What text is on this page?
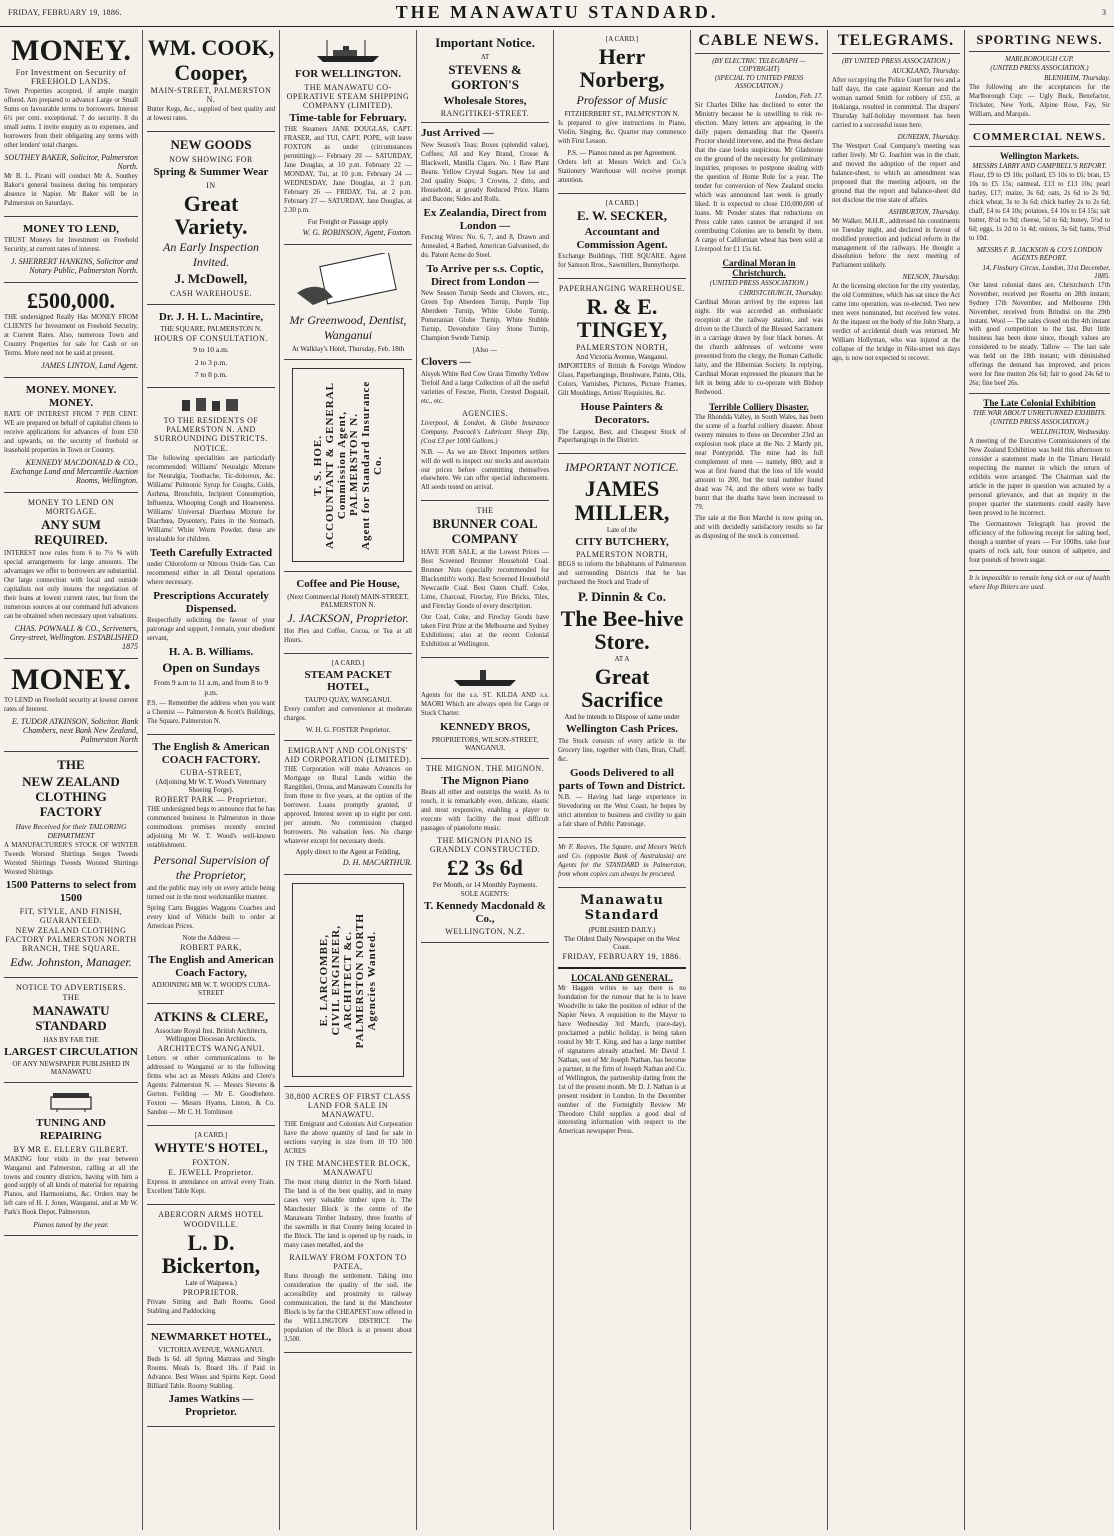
FRIDAY, FEBRUARY 19, 1886.	THE MANAWATU STANDARD.	3
MONEY.
For Investment on Security of FREEHOLD LANDS.
Town Properties accepted, if ample margin offered. Am prepared to advance Large or Small Sums on favourable terms to borrowers. Interest 6½ per cent. exceptional. 7 do security. 8 do small sums. I invite enquiry as to expenses, and borrowers from their obligating any terms with other lenders' total charges.
SOUTHEY BAKER, Solicitor, Palmerston North.
Mr B. L. Pirani will conduct Mr A. Southey Baker's general business during his temporary absence in Napier. Mr Baker will be in Palmerston on Saturdays.
MONEY TO LEND,
TRUST Moneys for Investment on Freehold Security, at current rates of interest.
J. SHERRERT HANKINS, Solicitor and Notary Public, Palmerston North.
£500,000.
THE undersigned Really Has MONEY FROM CLIENTS for Investment on Freehold Security, at Current Rates. Also, numerous Town and Country Properties for sale for Cash or on Terms. More need not be said at present.
JAMES LINTON, Land Agent.
MONEY. MONEY. MONEY.
RATE OF INTEREST FROM 7 PER CENT. WE are prepared on behalf of capitalist clients to receive applications for advances of from £50 and upwards, on the security of freehold or leasehold properties in Town or Country.
KENNEDY MACDONALD & CO., Exchange Land and Mercantile Auction Rooms, Wellington.
MONEY TO LEND ON MORTGAGE.
ANY SUM REQUIRED.
INTEREST now rules from 6 to 7½ % with special arrangements for large amounts. The advantages we offer to borrowers are substantial. Our large connection with local and outside capitalists not only insures the negotiation of their loans at lowest current rates, but from the numerous sources at our command full advances can be obtained when necessary upon valuations.
CHAS. POWNALL & CO., Scriveners, Grey-street, Wellington. ESTABLISHED 1875
MONEY.
TO LEND on Freehold security at lowest current rates of Interest.
E. TUDOR ATKINSON, Solicitor. Bank Chambers, next Bank New Zealand, Palmerston North
THE
NEW ZEALAND CLOTHING FACTORY
Have Received for their TAILORING DEPARTMENT
A MANUFACTURER'S STOCK OF WINTER Tweeds Worsted Shirtings Serges Tweeds Worsted Shirtings Tweeds Worsted Shirtings Worsted Shirtings
1500 Patterns to select from 1500
FIT, STYLE, AND FINISH, GUARANTEED.
NEW ZEALAND CLOTHING FACTORY PALMERSTON NORTH BRANCH, THE SQUARE.
Edw. Johnston, Manager.
NOTICE TO ADVERTISERS.
THE
MANAWATU STANDARD
HAS BY FAR THE
LARGEST CIRCULATION
OF ANY NEWSPAPER PUBLISHED IN MANAWATU
TUNING AND REPAIRING
BY MR E. ELLERY GILBERT.
MAKING four visits in the year between Wanganui and Palmerston, calling at all the towns and country districts, having with him a good supply of all kinds of material for repairing Pianos, and Harmoniums, &c. Orders may be left care of H. J. Jones, Wanganui, and at Mr W. Park's Book Depot, Palmerston.
Pianos tuned by the year.
WM. COOK,
Cooper,
MAIN-STREET, PALMERSTON N.
Butter Kegs, &c., supplied of best quality and at lowest rates.
NEW GOODS
NOW SHOWING FOR
Spring & Summer Wear
IN
Great Variety.
An Early Inspection Invited.
J. McDowell,
CASH WAREHOUSE.
Dr. J. H. L. Macintire,
THE SQUARE, PALMERSTON N.
HOURS OF CONSULTATION.
9 to 10 a.m.
2 to 3 p.m.
7 to 8 p.m.
TO THE RESIDENTS OF PALMERSTON N. AND SURROUNDING DISTRICTS.
NOTICE.
The following specialities are particularly recommended: Williams' Neuralgic Mixture for Neuralgia, Toothache, Tic-doloreux, &c. Williams' Pulmonic Syrup for Coughs, Colds, Asthma, Bronchitis, Incipient Consumption, Influenza, Whooping Cough and Hoarseness. Williams' Universal Diarrhœa Mixture for Diarrhœa, Dysentery, Pains in the Stomach. Williams' White Worm Powder, these are invaluable for children.
Teeth Carefully Extracted
under Chloroform or Nitrous Oxide Gas. Can recommend either in all Dental operations where necessary.
Prescriptions Accurately Dispensed.
Respectfully soliciting the favour of your patronage and support, I remain, your obedient servant,
H. A. B. Williams.
Open on Sundays
From 9 a.m to 11 a.m, and from 8 to 9 p.m.
P.S. — Remember the address when you want a Chemist — Palmerston & Scott's Buildings, The Square, Palmerston N.
The English & American COACH FACTORY.
CUBA-STREET,
(Adjoining Mr W. T. Wood's Veterinary Shoeing Forge).
ROBERT PARK — Proprietor.
THE undersigned begs to announce that he has commenced business in Palmerston in those commodious premises recently erected adjoining Mr W. T. Wood's well-known establishment.
Personal Supervision of the Proprietor,
and the public may rely on every article being turned out in the most workmanlike manner.
Spring Carts Buggies Waggons Coaches and every kind of Vehicle built to order at American Prices.
Note the Address —
ROBERT PARK,
The English and American Coach Factory,
ADJOINING MR W. T. WOOD'S CUBA-STREET
ATKINS & CLERE,
Associate Royal Inst. British Architects, Wellington Diocesan Architects.
ARCHITECTS WANGANUI.
Letters or other communications to be addressed to Wanganui or to the following firms who act as Messrs Atkins and Clere's Agents: Palmerston N. — Messrs Stevens & Gorton. Feilding — Mr E. Goodbehere. Foxton — Messrs Hyams, Linton, & Co. Sandon — Mr C. H. Tomlinson
[A CARD.]
WHYTE'S HOTEL,
FOXTON.
E. JEWELL Proprietor.
Express in attendance on arrival every Train. Excellent Table Kept.
ABERCORN ARMS HOTEL
WOODVILLE.
L. D. Bickerton,
Late of Waipawa.)
PROPRIETOR.
Private Sitting and Bath Rooms. Good Stabling and Paddocking.
NEWMARKET HOTEL,
VICTORIA AVENUE, WANGANUI.
Beds Is 6d. all Spring Mattrass and Single Rooms. Meals Is. Board 18s. if Paid in Advance. Best Wines and Spirits Kept. Good Billiard Table. Roomy Stabling.
James Watkins — Proprietor.
FOR WELLINGTON.
THE MANAWATU CO-OPERATIVE STEAM SHIPPING COMPANY (LIMITED).
Time-table for February.
THE Steamers JANE DOUGLAS, CAPT. FRASER, and TUI, CAPT. POPE, will leave FOXTON as under (circumstances permitting):— February 20 — SATURDAY, Jane Douglas, at 10 p.m. February 22 — MONDAY, Tui, at 10 p.m. February 24 — WEDNESDAY, Jane Douglas, at 2 p.m. February 26 — FRIDAY, Tui, at 2 p.m. February 27 — SATURDAY, Jane Douglas, at 2.30 p.m.
For Freight or Passage apply
W. G. ROBINSON, Agent, Foxton.
Mr Greenwood, Dentist, Wanganui
At Walklay's Hotel, Thursday, Feb. 18th
T. S. HOE. ACCOUNTANT & GENERAL Commission Agent, PALMERSTON N. Agent for Standard Insurance Co.
Coffee and Pie House,
(Next Commercial Hotel) MAIN-STREET, PALMERSTON N.
J. JACKSON, Proprietor.
Hot Pies and Coffee, Cocoa, or Tea at all Hours.
[A CARD.]
STEAM PACKET HOTEL,
TAUPO QUAY, WANGANUI.
Every comfort and convenience at moderate charges.
W. H. G. FOSTER Proprietor.
EMIGRANT AND COLONISTS' AID CORPORATION (LIMITED).
THE Corporation will make Advances on Mortgage on Rural Lands within the Rangitikei, Oroua, and Manawatu Councils for from three to five years, at the option of the borrower. Loans promptly granted, if approved. Interest seven up to eight per cent. per annum. No commission charged borrowers. No valuation fees. No charge whatever except for necessary deeds.
Apply direct to the Agent at Feilding,
D. H. MACARTHUR.
E. LARCOMBE, CIVIL ENGINEER, ARCHITECT &c. PALMERSTON NORTH Agencies Wanted.
38,800 ACRES OF FIRST CLASS LAND FOR SALE IN MANAWATU.
THE Emigrant and Colonists Aid Corporation have the above quantity of land for sale in sections varying in size from 10 TO 500 ACRES
IN THE MANCHESTER BLOCK, MANAWATU
The most rising district in the North Island. The land is of the best quality, and in many cases very valuable timber upon it. The Manchester Block is the centre of the Manawatu Timber Industry, three fourths of the sawmills in that County being located in the Block. The land is opened up by roads, in many cases metalled, and the
RAILWAY FROM FOXTON TO PATEA,
Runs through the settlement. Taking into consideration the quality of the soil, the accessibility and proximity to railway communication, the land in the Manchester Block is by far the CHEAPEST now offered in the WELLINGTON DISTRICT. The population of the Block is at present about 3,500.
Important Notice.
AT
STEVENS & GORTON'S
Wholesale Stores,
RANGITIKEI-STREET.
Just Arrived —
New Season's Teas; Boxes (splendid value), Coffees; All and Key Brand, Crosse & Blackwell, Manilla Cigars. No. 1 Raw Plant Beans. Yellow Crystal Sugars. New 1st and 2nd quality Soaps; 3 Crowns, 2 ditto, and Household, at greatly Reduced Price. Hams and Bacons; Sides and Rolls.
Ex Zealandia, Direct from London —
Fencing Wires: No. 6, 7, and 8, Drawn and Annealed, 4 Barbed, American Galvanised, do do. Patent Acme do Steel.
To Arrive per s.s. Coptic, Direct from London —
New Season Turnip Seeds and Clovers, etc., Green Top Aberdeen Turnip, Purple Top Aberdeen Turnip, White Globe Turnip, Pomeranian Globe Turnip, White Stubble Turnip, Devonshire Grey Stone Turnip, Champion Swede Turnip.
[Also —
Clovers —
Alsyek White Red Cow Grass Timothy Yellow Trefoil And a large Collection of all the useful varieties of Fescue, Florin, Crested Dogstail, etc., etc.
AGENCIES.
Liverpool, & London, & Globe Insurance Company. Peacock's Lubricant Sheep Dip, (Cost £3 per 1000 Gallons.)
N.B. — As we are Direct Importers settlers will do well to inspect our stocks and ascertain our prices before committing themselves elsewhere. We can offer special inducements. All seeds tested on arrival.
THE
BRUNNER COAL COMPANY
HAVE FOR SALE, at the Lowest Prices — Best Screened Brunner Household Coal. Brunner Nuts (specially recommended for Blacksmith's work). Best Screened Household Newcastle Coal. Best Oaten Chaff. Coke, Lime, Charcoal, Fireclay, Fire Bricks, Tiles, and Fireclay Goods of every description.
Our Coal, Coke, and Fireclay Goods have taken First Prize at the Melbourne and Sydney Exhibitions; also at the recent Colonial Exhibition at Wellington.
Agents for the s.s. ST. KILDA AND s.s. MAORI Which are always open for Cargo or Stock Charter.
KENNEDY BROS,
PROPRIETORS, WILSON-STREET, WANGANUI.
THE MIGNON. THE MIGNON.
The Mignon Piano
Beats all other and outstrips the world. As to touch, it is remarkably even, delicate, elastic and most responsive, enabling a player to execute with facility the most difficult passages of pianoforte music.
THE MIGNON PIANO IS GRANDLY CONSTRUCTED.
£2 3s 6d
Per Month, or 14 Monthly Payments.
SOLE AGENTS:
T. Kennedy Macdonald & Co.,
WELLINGTON, N.Z.
[A CARD.]
Herr Norberg,
Professor of Music
FITZHERBERT ST., PALM'R'S'TON N.
Is prepared to give instructions in Piano, Violin, Singing, &c. Quarter may commence with First Lesson.
P.S. — Pianos tuned as per Agreement.
Orders left at Messrs Welch and Co.'s Stationery Warehouse will receive prompt attention.
[A CARD.]
E. W. SECKER,
Accountant and Commission Agent.
Exchange Buildings, THE SQUARE. Agent for Samson Bros., Sawmillers, Bunnythorpe.
PAPERHANGING WAREHOUSE.
R. & E. TINGEY,
PALMERSTON NORTH,
And Victoria Avenue, Wanganui.
IMPORTERS of British & Foreign Window Glass, Paperhangings, Brushware, Paints, Oils, Colors, Varnishes, Pictures, Picture Frames, Gilt Mouldings, Artists' Requisites, &c.
House Painters & Decorators.
The Largest, Best, and Cheapest Stock of Paperhangings in the District.
IMPORTANT NOTICE.
JAMES MILLER,
Late of the
CITY BUTCHERY,
PALMERSTON NORTH,
BEGS to inform the Inhabitants of Palmerston and surrounding Districts that he has purchased the Stock and Trade of
P. Dinnin & Co.
The Bee-hive Store.
AT A
Great Sacrifice
And he intends to Dispose of same under
Wellington Cash Prices.
The Stock consists of every article in the Grocery line, together with Oats, Bran, Chaff, &c.
Goods Delivered to all parts of Town and District.
N.B. — Having had large experience in Stevedoring on the West Coast, he hopes by strict attention to business and civility to gain a fair share of Public Patronage.
Mr F. Reaves, The Square, and Messrs Welch and Co. (opposite Bank of Australasia) are Agents for the STANDARD in Palmerston, from whom copies can always be procured.
Manawatu Standard
(PUBLISHED DAILY.)
The Oldest Daily Newspaper on the West Coast.
FRIDAY, FEBRUARY 19, 1886.
LOCAL AND GENERAL.
Mr Haggen writes to say there is no foundation for the rumour that he is to leave Woodville to take the position of editor of the Napier News. A requisition to the Mayor to have Wednesday 3rd March, (race-day), proclaimed a public holiday, is being taken round by Mr T. King, and has a large number of signatures already attached. Mr David J. Nathan, son of Mr Joseph Nathan, has become a partner, in the firm of Joseph Nathan and Co. of Wellington, the partnership dating from the 1st of the present month. Mr D. J. Nathan is at present resident in London. In the December number of the Fortnightly Review Mr Theodore Child supplies a good deal of interesting information with respect to the American newspaper Press.
CABLE NEWS.
(BY ELECTRIC TELEGRAPH — COPYRIGHT)
(SPECIAL TO UNITED PRESS ASSOCIATION.)
London, Feb. 17.
Sir Charles Dilke has declined to enter the Ministry because he is unwilling to risk re-election. Many letters are appearing in the daily papers demanding that the Queen's Proctor should intervene, and the Press declare that the case looks suspicious. Mr Gladstone on the ground of the necessity for preliminary inquiries, proposes to postpone dealing with the question of Home Rule for a year. The tender for conversion of New Zealand stocks which was announced last week is greatly liked. It is expected to close £10,000,000 of loans. Mr Pender states that reductions on Press cable rates cannot be arranged if not contributing Colonies are to benefit by them. A cargo of Californian wheat has been sold at Liverpool for £1 15s 6d.
Cardinal Moran in Christchurch.
(UNITED PRESS ASSOCIATION.)
CHRISTCHURCH, Thursday.
Cardinal Moran arrived by the express last night. He was accorded an enthusiastic reception at the railway station, and was driven to the Church of the Blessed Sacrament in a carriage drawn by four black horses. At the church addresses of welcome were presented from the clergy, the Roman Catholic laity, and the Hibernian Society. In replying, Cardinal Moran expressed the pleasure that he felt in being able to co-operate with Bishop Redwood.
Terrible Colliery Disaster.
The Rhondda Valley, in South Wales, has been the scene of a fearful colliery disaster. About twenty minutes to three on December 23rd an explosion took place at the No. 2 Mardy pit, near Pontypridd. The mine had its full complement of men — namely, 880; and it was at first feared that the loss of life would amount to 200, but the total number found dead was 74, and the others were so badly burnt that the deaths have been increased to 79.
The sale at the Bon Marché is now going on, and with decidedly satisfactory results so far as disposing of the stock is concerned.
TELEGRAMS.
(BY UNITED PRESS ASSOCIATION.)
AUCKLAND, Thursday.
After occupying the Police Court for two and a half days, the case against Keenan and the woman named Smith for robbery of £55, at Hokianga, resulted in committal. The drapers' Thursday half-holiday movement has been carried to a successful issue here.
DUNEDIN, Thursday.
The Westport Coal Company's meeting was rather lively. Mr G. Joachim was in the chair, and moved the adoption of the report and balance-sheet, to which an amendment was proposed that the meeting adjourn, on the ground that the report and balance-sheet did not disclose the true state of affairs.
ASHBURTON, Thursday.
Mr Walker, M.H.R., addressed his constituents on Tuesday night, and declared in favour of modified protection and judicial reform in the management of the railways. He thought a dissolution before the next meeting of Parliament unlikely.
NELSON, Thursday.
At the licensing election for the city yesterday, the old Committee, which has sat since the Act came into operation, was re-elected. Two new men were nominated, but received few votes. At the inquest on the body of the John Sharp, a verdict of accidental death was returned. Mr William Hollyman, who was injured at the collapse of the bridge in Nile-street ten days ago, is now not expected to recover.
SPORTING NEWS.
MARLBOROUGH CUP.
(UNITED PRESS ASSOCIATION.)
BLENHEIM, Thursday.
The following are the acceptances for the Marlborough Cup: — Ugly Buck, Benefactor, Trickster, New York, Alpine Rose, Fay, Sir William, and Marquis.
COMMERCIAL NEWS.
Wellington Markets.
MESSRS LARRY AND CAMPBELL'S REPORT.
Flour, £9 to £9 10s; pollard, £5 10s to £6; bran, £5 10s to £5 15s; oatmeal, £13 to £13 10s; pearl barley, £17; maize, 3s 6d; oats, 2s 6d to 2s 9d; chick wheat, 3s to 3s 6d; chick barley 2s to 2s 6d; chaff, £4 to £4 10s; potatoes, £4 10s to £4 15s; salt butter, 8½d to 9d; cheese, 5d to 6d; honey, 5½d to 6d; eggs, 1s 2d to 1s 4d; onions, 3s 6d; hams, 9½d to 10d.
MESSRS F. R. JACKSON & CO'S LONDON AGENTS REPORT.
14, Finsbury Circus, London, 31st December, 1885.
Our latest colonial dates are, Christchurch 17th November, received per Rosetta on 28th instant; Sydney 17th November, and Melbourne 19th November, received from Brindisi on the 29th instant. Wool — The sales closed on the 4th instant with good competition to the last. But little business has been done since, though values are considered to be steady. Tallow — The last sale was held on the 18th instant; with diminished offerings the demand has improved, and prices were for fine mutton 26s 6d; fair to good 24s 6d to 26s; fine beef 26s.
The Late Colonial Exhibition
THE WAR ABOUT UNRETURNED EXHIBITS.
(UNITED PRESS ASSOCIATION.)
WELLINGTON, Wednesday.
A meeting of the Executive Commissioners of the New Zealand Exhibition was held this afternoon to consider a statement made in the Timaru Herald respecting the manner in which the return of exhibits were arranged. The Chairman said the article in the paper in question was actuated by a personal grievance, and that an inquiry in the proper quarter the statements could easily have been proved to be incorrect.
The Germantown Telegraph has proved the efficiency of the following receipt for salting beef, though a number of years — For 100lbs. take four quarts of rock salt, four ounces of saltpetre, and four pounds of brown sugar.
It is impossible to remain long sick or out of health where Hop Bitters are used.
